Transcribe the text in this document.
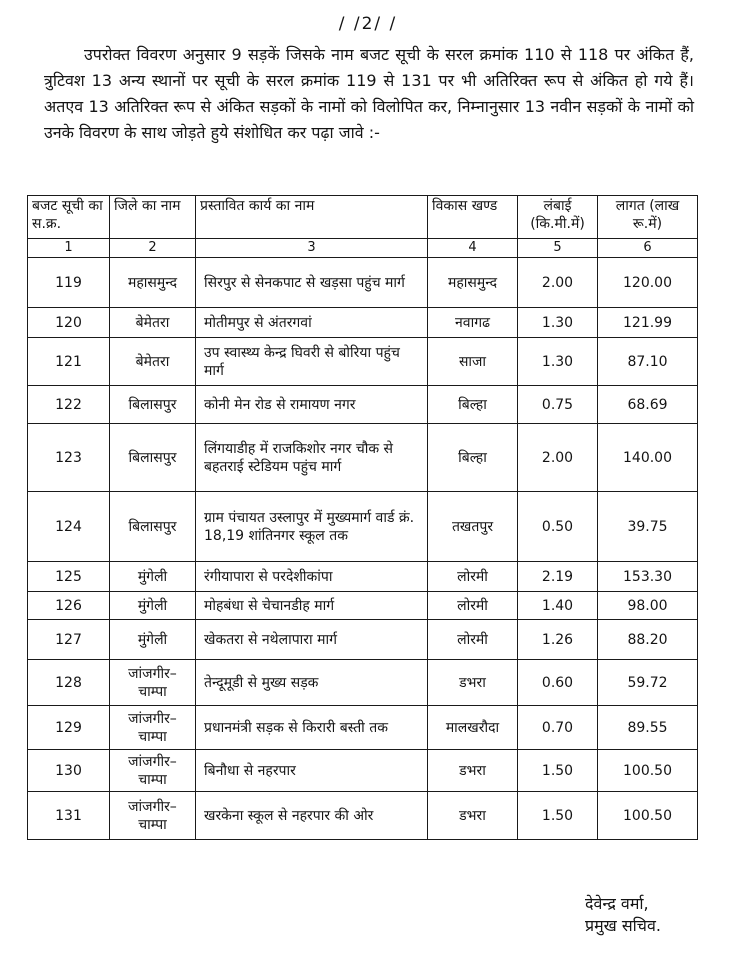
/ /2/ /

उपरोक्त विवरण अनुसार 9 सड़कें जिसके नाम बजट सूची के सरल क्रमांक 110 से 118 पर अंकित हैं, त्रुटिवश 13 अन्य स्थानों पर सूची के सरल क्रमांक 119 से 131 पर भी अतिरिक्त रूप से अंकित हो गये हैं। अतएव 13 अतिरिक्त रूप से अंकित सड़कों के नामों को विलोपित कर, निम्नानुसार 13 नवीन सड़कों के नामों को उनके विवरण के साथ जोड़ते हुये संशोधित कर पढ़ा जावे :-

बजट सूची का स.क्र.	जिले का नाम	प्रस्तावित कार्य का नाम	विकास खण्ड	लंबाई (कि.मी.में)	लागत (लाख रू.में)
1	2	3	4	5	6
119	महासमुन्द	सिरपुर से सेनकपाट से खड़सा पहुंच मार्ग	महासमुन्द	2.00	120.00
120	बेमेतरा	मोतीमपुर से अंतरगवां	नवागढ	1.30	121.99
121	बेमेतरा	उप स्वास्थ्य केन्द्र घिवरी से बोरिया पहुंच मार्ग	साजा	1.30	87.10
122	बिलासपुर	कोनी मेन रोड से रामायण नगर	बिल्हा	0.75	68.69
123	बिलासपुर	लिंगयाडीह में राजकिशोर नगर चौक से बहतराई स्टेडियम पहुंच मार्ग	बिल्हा	2.00	140.00
124	बिलासपुर	ग्राम पंचायत उस्लापुर में मुख्यमार्ग वार्ड क्रं. 18,19 शांतिनगर स्कूल तक	तखतपुर	0.50	39.75
125	मुंगेली	रंगीयापारा से परदेशीकांपा	लोरमी	2.19	153.30
126	मुंगेली	मोहबंधा से चेचानडीह मार्ग	लोरमी	1.40	98.00
127	मुंगेली	खेकतरा से नथेलापारा मार्ग	लोरमी	1.26	88.20
128	जांजगीर–चाम्पा	तेन्दूमूडी से मुख्य सड़क	डभरा	0.60	59.72
129	जांजगीर–चाम्पा	प्रधानमंत्री सड़क से किरारी बस्ती तक	मालखरौदा	0.70	89.55
130	जांजगीर–चाम्पा	बिनौधा से नहरपार	डभरा	1.50	100.50
131	जांजगीर–चाम्पा	खरकेना स्कूल से नहरपार की ओर	डभरा	1.50	100.50
देवेन्द्र वर्मा,
प्रमुख सचिव.
